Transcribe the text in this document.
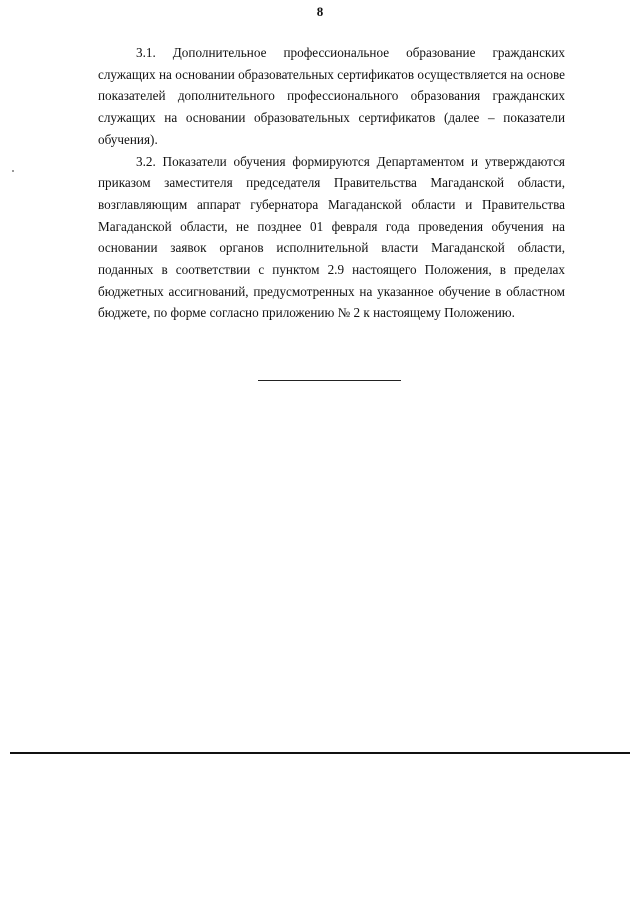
8

3.1. Дополнительное профессиональное образование гражданских служащих на основании образовательных сертификатов осуществляется на основе показателей дополнительного профессионального образования гражданских служащих на основании образовательных сертификатов (далее – показатели обучения).

3.2. Показатели обучения формируются Департаментом и утверждаются приказом заместителя председателя Правительства Магаданской области, возглавляющим аппарат губернатора Магаданской области и Правительства Магаданской области, не позднее 01 февраля года проведения обучения на основании заявок органов исполнительной власти Магаданской области, поданных в соответствии с пунктом 2.9 настоящего Положения, в пределах бюджетных ассигнований, предусмотренных на указанное обучение в областном бюджете, по форме согласно приложению № 2 к настоящему Положению.
